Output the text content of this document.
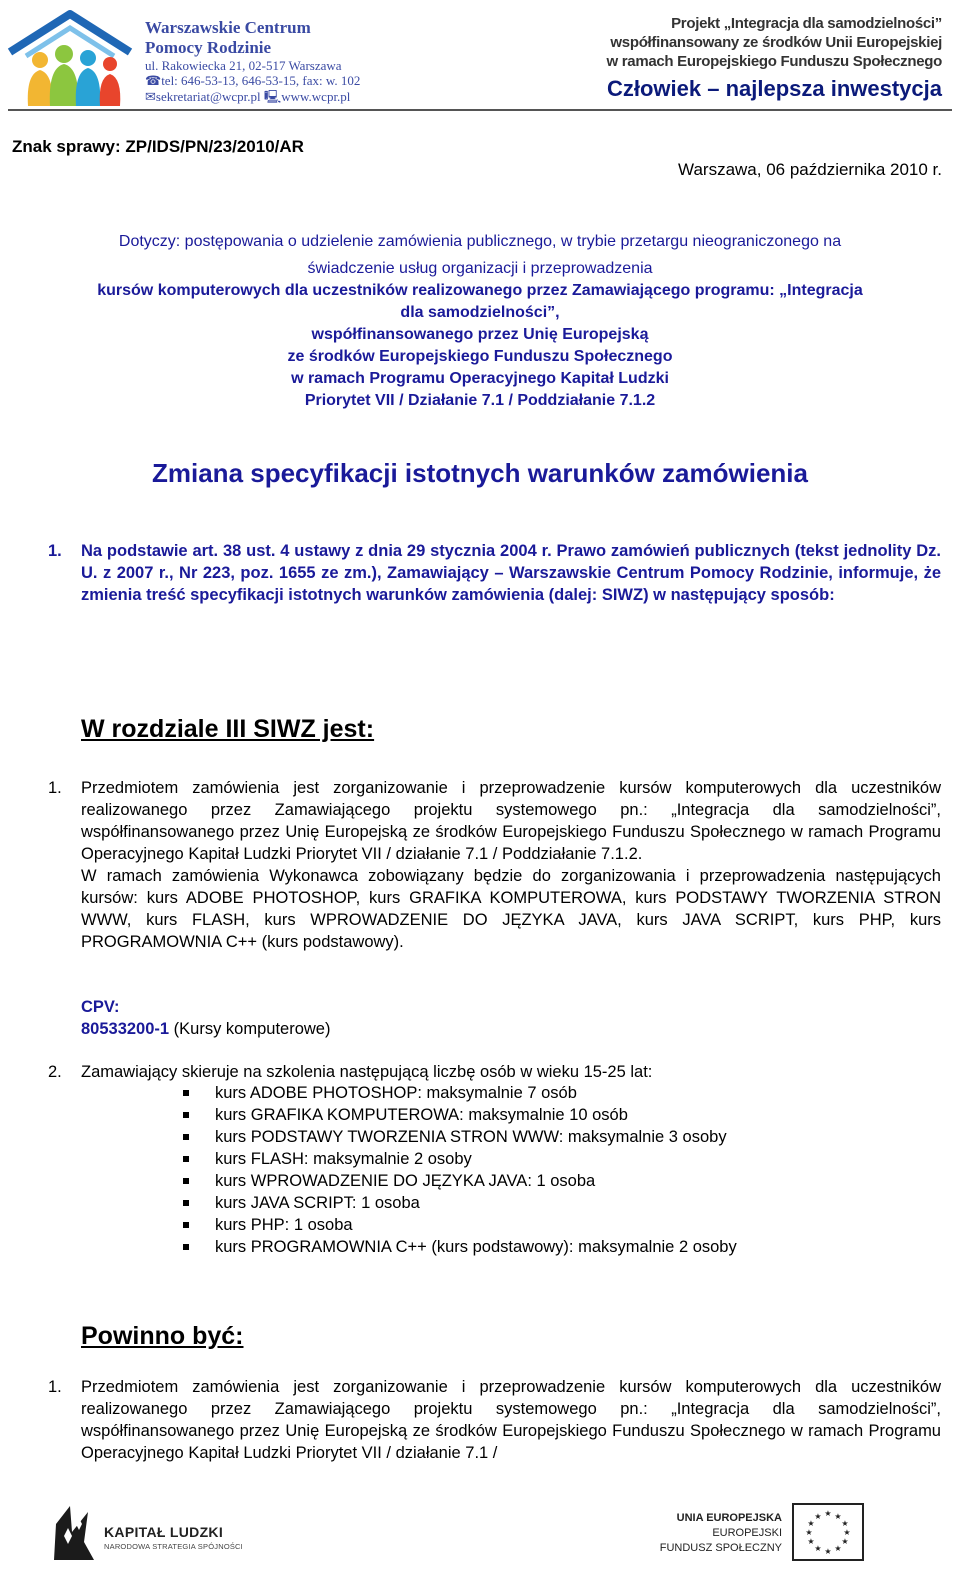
Warszawskie Centrum
Pomocy Rodzinie
ul. Rakowiecka 21, 02-517 Warszawa
☎tel: 646-53-13, 646-53-15, fax: w. 102
✉sekretariat@wcpr.pl 🖳www.wcpr.pl
Projekt „Integracja dla samodzielności”
współfinansowany ze środków Unii Europejskiej
w ramach Europejskiego Funduszu Społecznego
Człowiek – najlepsza inwestycja
Znak sprawy: ZP/IDS/PN/23/2010/AR
Warszawa, 06 października 2010 r.
Dotyczy: postępowania o udzielenie zamówienia publicznego, w trybie przetargu nieograniczonego na
świadczenie usług organizacji i przeprowadzenia
kursów komputerowych dla uczestników realizowanego przez Zamawiającego programu: „Integracja
dla samodzielności”,
współfinansowanego przez Unię Europejską
ze środków Europejskiego Funduszu Społecznego
w ramach Programu Operacyjnego Kapitał Ludzki
Priorytet VII / Działanie 7.1 / Poddziałanie 7.1.2
Zmiana specyfikacji istotnych warunków zamówienia
1. Na podstawie art. 38 ust. 4 ustawy z dnia 29 stycznia 2004 r. Prawo zamówień publicznych (tekst jednolity Dz. U. z 2007 r., Nr 223, poz. 1655 ze zm.), Zamawiający – Warszawskie Centrum Pomocy Rodzinie, informuje, że zmienia treść specyfikacji istotnych warunków zamówienia (dalej: SIWZ) w następujący sposób:
W rozdziale III SIWZ jest:
1. Przedmiotem zamówienia jest zorganizowanie i przeprowadzenie kursów komputerowych dla uczestników realizowanego przez Zamawiającego projektu systemowego pn.: „Integracja dla samodzielności”, współfinansowanego przez Unię Europejską ze środków Europejskiego Funduszu Społecznego w ramach Programu Operacyjnego Kapitał Ludzki Priorytet VII / działanie 7.1 / Poddziałanie 7.1.2.
W ramach zamówienia Wykonawca zobowiązany będzie do zorganizowania i przeprowadzenia następujących kursów: kurs ADOBE PHOTOSHOP, kurs GRAFIKA KOMPUTEROWA, kurs PODSTAWY TWORZENIA STRON WWW, kurs FLASH, kurs WPROWADZENIE DO JĘZYKA JAVA, kurs JAVA SCRIPT, kurs PHP, kurs PROGRAMOWNIA C++ (kurs podstawowy).
CPV:
80533200-1 (Kursy komputerowe)
2. Zamawiający skieruje na szkolenia następującą liczbę osób w wieku 15-25 lat:
kurs ADOBE PHOTOSHOP: maksymalnie 7 osób
kurs GRAFIKA KOMPUTEROWA: maksymalnie 10 osób
kurs PODSTAWY TWORZENIA STRON WWW: maksymalnie 3 osoby
kurs FLASH: maksymalnie 2 osoby
kurs WPROWADZENIE DO JĘZYKA JAVA: 1 osoba
kurs JAVA SCRIPT: 1 osoba
kurs PHP: 1 osoba
kurs PROGRAMOWNIA C++ (kurs podstawowy): maksymalnie 2 osoby
Powinno być:
1. Przedmiotem zamówienia jest zorganizowanie i przeprowadzenie kursów komputerowych dla uczestników realizowanego przez Zamawiającego projektu systemowego pn.: „Integracja dla samodzielności”, współfinansowanego przez Unię Europejską ze środków Europejskiego Funduszu Społecznego w ramach Programu Operacyjnego Kapitał Ludzki Priorytet VII / działanie 7.1 /
KAPITAŁ LUDZKI
NARODOWA STRATEGIA SPÓJNOŚCI
UNIA EUROPEJSKA
EUROPEJSKI
FUNDUSZ SPOŁECZNY
★ ★
★
★
★
★
★
★
★
★
★
★
